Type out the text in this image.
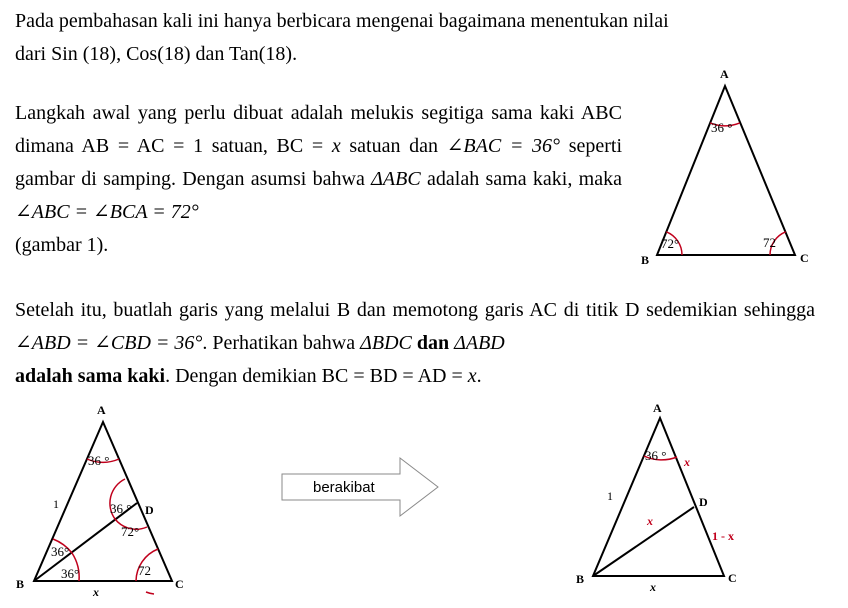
Pada pembahasan kali ini hanya berbicara mengenai bagaimana menentukan nilai
dari Sin (18), Cos(18) dan Tan(18).
Langkah awal yang perlu dibuat adalah melukis segitiga sama kaki ABC dimana AB = AC = 1 satuan, BC = x satuan dan ∠BAC = 36° seperti gambar di samping. Dengan asumsi bahwa ΔABC adalah sama kaki, maka ∠ABC = ∠BCA = 72°
(gambar 1).
Setelah itu, buatlah garis yang melalui B dan memotong garis AC di titik D sedemikian sehingga ∠ABD = ∠CBD = 36°. Perhatikan bahwa ΔBDC dan ΔABD
adalah sama kaki. Dengan demikian BC = BD = AD = x.
A
B	C
36 °
72°	72
A
B	C
D
36 °
36 °
72°
36°
36°	72
1
x
berakibat
A
B	C
D
36 ° x
1
x
1 - x
x
